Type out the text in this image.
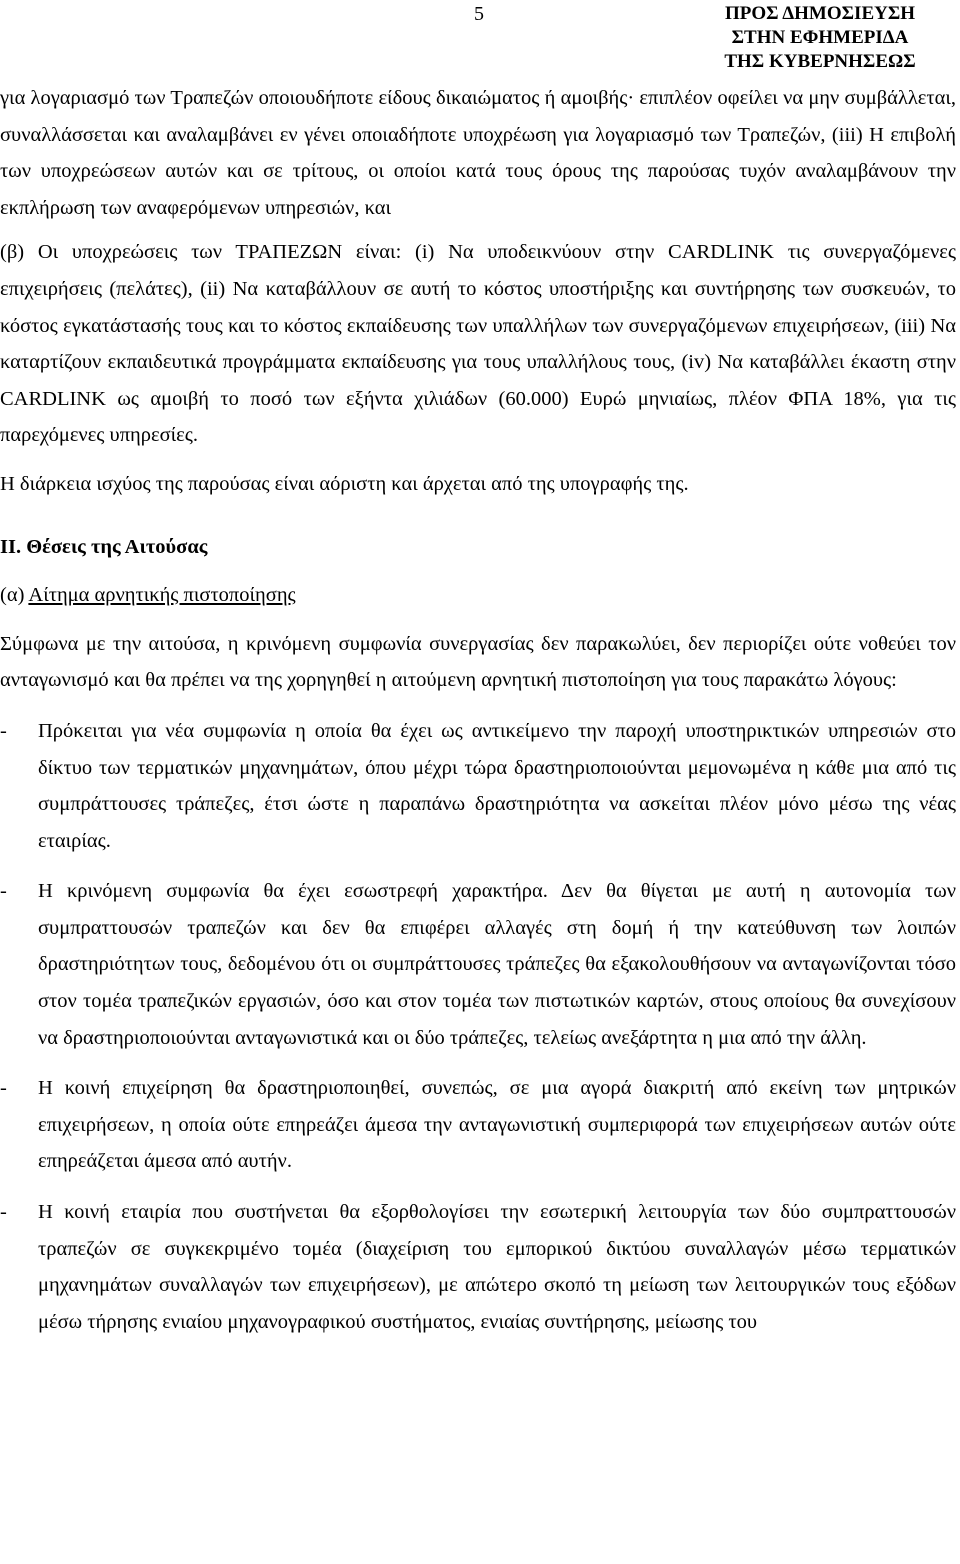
5	ΠΡΟΣ ΔΗΜΟΣΙΕΥΣΗ
ΣΤΗΝ ΕΦΗΜΕΡΙΔΑ
ΤΗΣ ΚΥΒΕΡΝΗΣΕΩΣ

για λογαριασμό των Τραπεζών οποιουδήποτε είδους δικαιώματος ή αμοιβής· επιπλέον οφείλει να μην συμβάλλεται, συναλλάσσεται και αναλαμβάνει εν γένει οποιαδήποτε υποχρέωση για λογαριασμό των Τραπεζών, (iii) Η επιβολή των υποχρεώσεων αυτών και σε τρίτους, οι οποίοι κατά τους όρους της παρούσας τυχόν αναλαμβάνουν την εκπλήρωση των αναφερόμενων υπηρεσιών, και

(β) Οι υποχρεώσεις των ΤΡΑΠΕΖΩΝ είναι: (i) Να υποδεικνύουν στην CARDLINK τις συνεργαζόμενες επιχειρήσεις (πελάτες), (ii) Να καταβάλλουν σε αυτή το κόστος υποστήριξης και συντήρησης των συσκευών, το κόστος εγκατάστασής τους και το κόστος εκπαίδευσης των υπαλλήλων των συνεργαζόμενων επιχειρήσεων, (iii) Να καταρτίζουν εκπαιδευτικά προγράμματα εκπαίδευσης για τους υπαλλήλους τους, (iv) Να καταβάλλει έκαστη στην CARDLINK ως αμοιβή το ποσό των εξήντα χιλιάδων (60.000) Ευρώ μηνιαίως, πλέον ΦΠΑ 18%, για τις παρεχόμενες υπηρεσίες.

Η διάρκεια ισχύος της παρούσας είναι αόριστη και άρχεται από της υπογραφής της.

ΙΙ. Θέσεις της Αιτούσας

(α) Αίτημα αρνητικής πιστοποίησης

Σύμφωνα με την αιτούσα, η κρινόμενη συμφωνία συνεργασίας δεν παρακωλύει, δεν περιορίζει ούτε νοθεύει τον ανταγωνισμό και θα πρέπει να της χορηγηθεί η αιτούμενη αρνητική πιστοποίηση για τους παρακάτω λόγους:

-	Πρόκειται για νέα συμφωνία η οποία θα έχει ως αντικείμενο την παροχή υποστηρικτικών υπηρεσιών στο δίκτυο των τερματικών μηχανημάτων, όπου μέχρι τώρα δραστηριοποιούνται μεμονωμένα η κάθε μια από τις συμπράττουσες τράπεζες, έτσι ώστε η παραπάνω δραστηριότητα να ασκείται πλέον μόνο μέσω της νέας εταιρίας.
-	Η κρινόμενη συμφωνία θα έχει εσωστρεφή χαρακτήρα. Δεν θα θίγεται με αυτή η αυτονομία των συμπραττουσών τραπεζών και δεν θα επιφέρει αλλαγές στη δομή ή την κατεύθυνση των λοιπών δραστηριότητων τους, δεδομένου ότι οι συμπράττουσες τράπεζες θα εξακολουθήσουν να ανταγωνίζονται τόσο στον τομέα τραπεζικών εργασιών, όσο και στον τομέα των πιστωτικών καρτών, στους οποίους θα συνεχίσουν να δραστηριοποιούνται ανταγωνιστικά και οι δύο τράπεζες, τελείως ανεξάρτητα η μια από την άλλη.
-	Η κοινή επιχείρηση θα δραστηριοποιηθεί, συνεπώς, σε μια αγορά διακριτή από εκείνη των μητρικών επιχειρήσεων, η οποία ούτε επηρεάζει άμεσα την ανταγωνιστική συμπεριφορά των επιχειρήσεων αυτών ούτε επηρεάζεται άμεσα από αυτήν.
-	Η κοινή εταιρία που συστήνεται θα εξορθολογίσει την εσωτερική λειτουργία των δύο συμπραττουσών τραπεζών σε συγκεκριμένο τομέα (διαχείριση του εμπορικού δικτύου συναλλαγών μέσω τερματικών μηχανημάτων συναλλαγών των επιχειρήσεων), με απώτερο σκοπό τη μείωση των λειτουργικών τους εξόδων μέσω τήρησης ενιαίου μηχανογραφικού συστήματος, ενιαίας συντήρησης, μείωσης του
